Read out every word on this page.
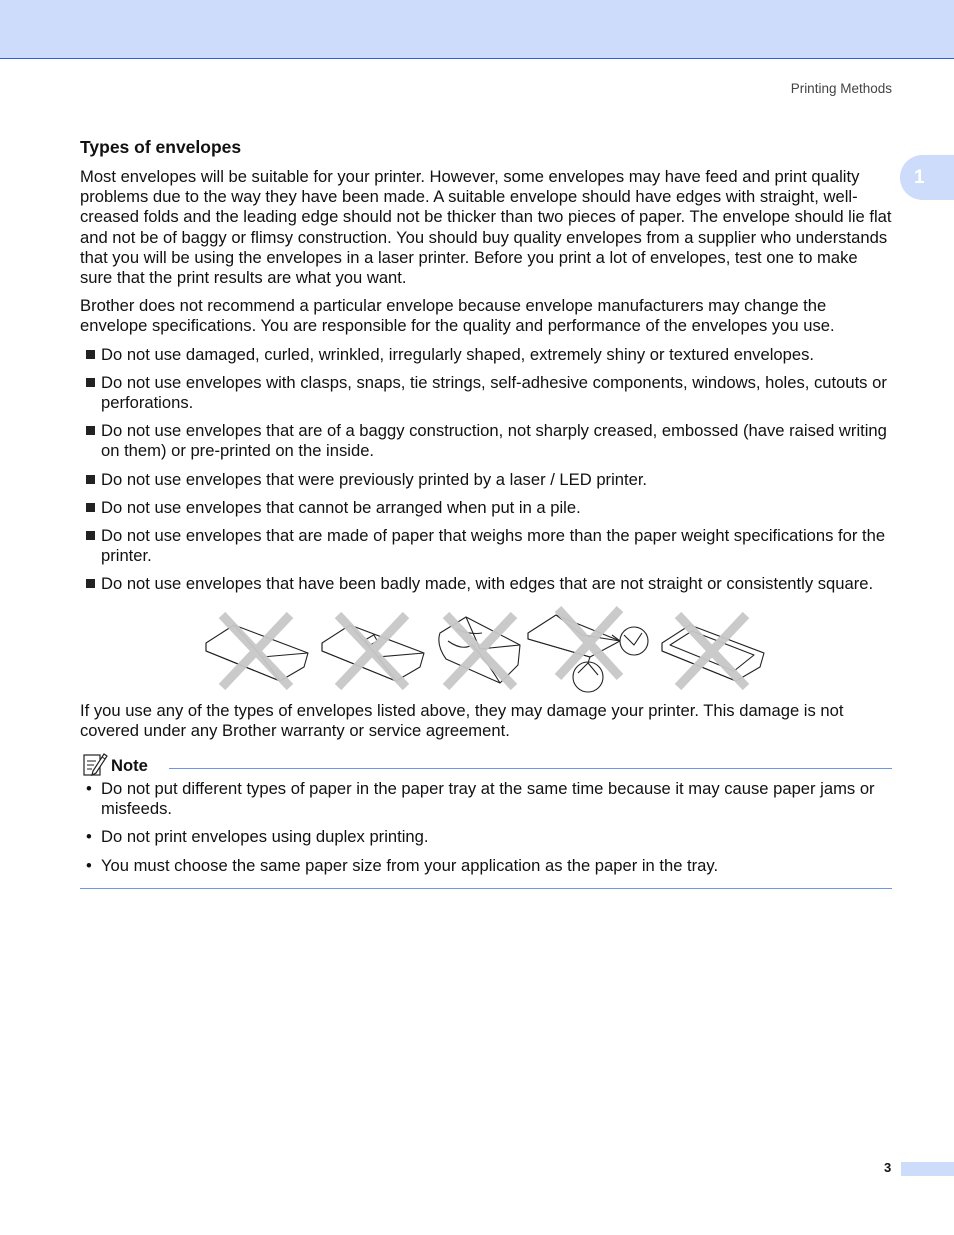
Printing Methods
1
Types of envelopes

Most envelopes will be suitable for your printer. However, some envelopes may have feed and print quality problems due to the way they have been made. A suitable envelope should have edges with straight, well-creased folds and the leading edge should not be thicker than two pieces of paper. The envelope should lie flat and not be of baggy or flimsy construction. You should buy quality envelopes from a supplier who understands that you will be using the envelopes in a laser printer. Before you print a lot of envelopes, test one to make sure that the print results are what you want.

Brother does not recommend a particular envelope because envelope manufacturers may change the envelope specifications. You are responsible for the quality and performance of the envelopes you use.

Do not use damaged, curled, wrinkled, irregularly shaped, extremely shiny or textured envelopes.
Do not use envelopes with clasps, snaps, tie strings, self-adhesive components, windows, holes, cutouts or perforations.
Do not use envelopes that are of a baggy construction, not sharply creased, embossed (have raised writing on them) or pre-printed on the inside.
Do not use envelopes that were previously printed by a laser / LED printer.
Do not use envelopes that cannot be arranged when put in a pile.
Do not use envelopes that are made of paper that weighs more than the paper weight specifications for the printer.
Do not use envelopes that have been badly made, with edges that are not straight or consistently square.

If you use any of the types of envelopes listed above, they may damage your printer. This damage is not covered under any Brother warranty or service agreement.

Note
• Do not put different types of paper in the paper tray at the same time because it may cause paper jams or misfeeds.
• Do not print envelopes using duplex printing.
• You must choose the same paper size from your application as the paper in the tray.
3
